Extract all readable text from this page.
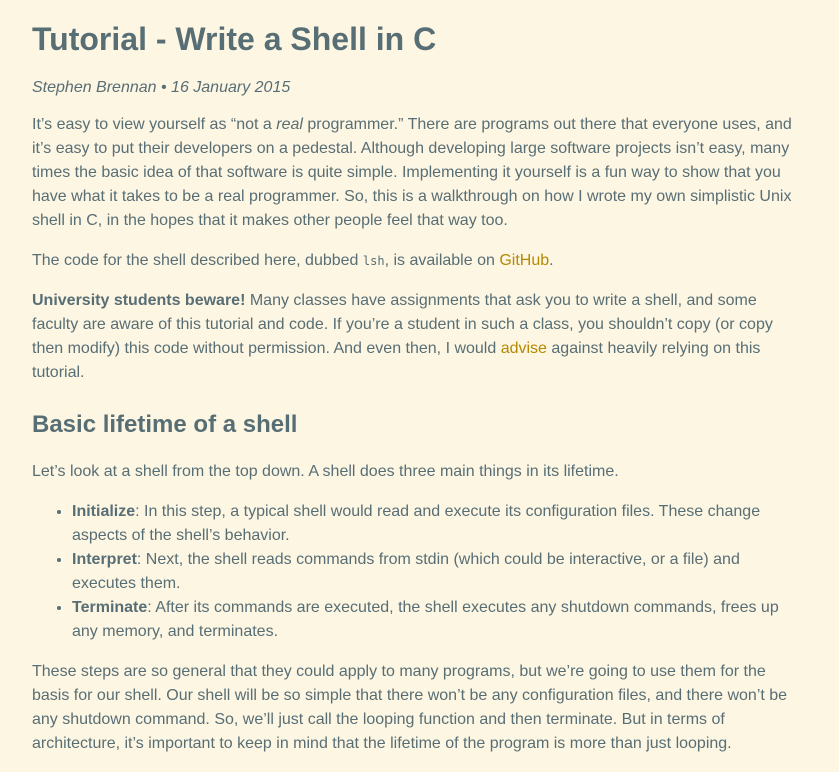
Tutorial - Write a Shell in C
Stephen Brennan • 16 January 2015

It’s easy to view yourself as “not a real programmer.” There are programs out there that everyone uses, and it’s easy to put their developers on a pedestal. Although developing large software projects isn’t easy, many times the basic idea of that software is quite simple. Implementing it yourself is a fun way to show that you have what it takes to be a real programmer. So, this is a walkthrough on how I wrote my own simplistic Unix shell in C, in the hopes that it makes other people feel that way too.

The code for the shell described here, dubbed lsh, is available on GitHub.

University students beware! Many classes have assignments that ask you to write a shell, and some faculty are aware of this tutorial and code. If you’re a student in such a class, you shouldn’t copy (or copy then modify) this code without permission. And even then, I would advise against heavily relying on this tutorial.

Basic lifetime of a shell

Let’s look at a shell from the top down. A shell does three main things in its lifetime.

• Initialize: In this step, a typical shell would read and execute its configuration files. These change aspects of the shell’s behavior.
• Interpret: Next, the shell reads commands from stdin (which could be interactive, or a file) and executes them.
• Terminate: After its commands are executed, the shell executes any shutdown commands, frees up any memory, and terminates.

These steps are so general that they could apply to many programs, but we’re going to use them for the basis for our shell. Our shell will be so simple that there won’t be any configuration files, and there won’t be any shutdown command. So, we’ll just call the looping function and then terminate. But in terms of architecture, it’s important to keep in mind that the lifetime of the program is more than just looping.
